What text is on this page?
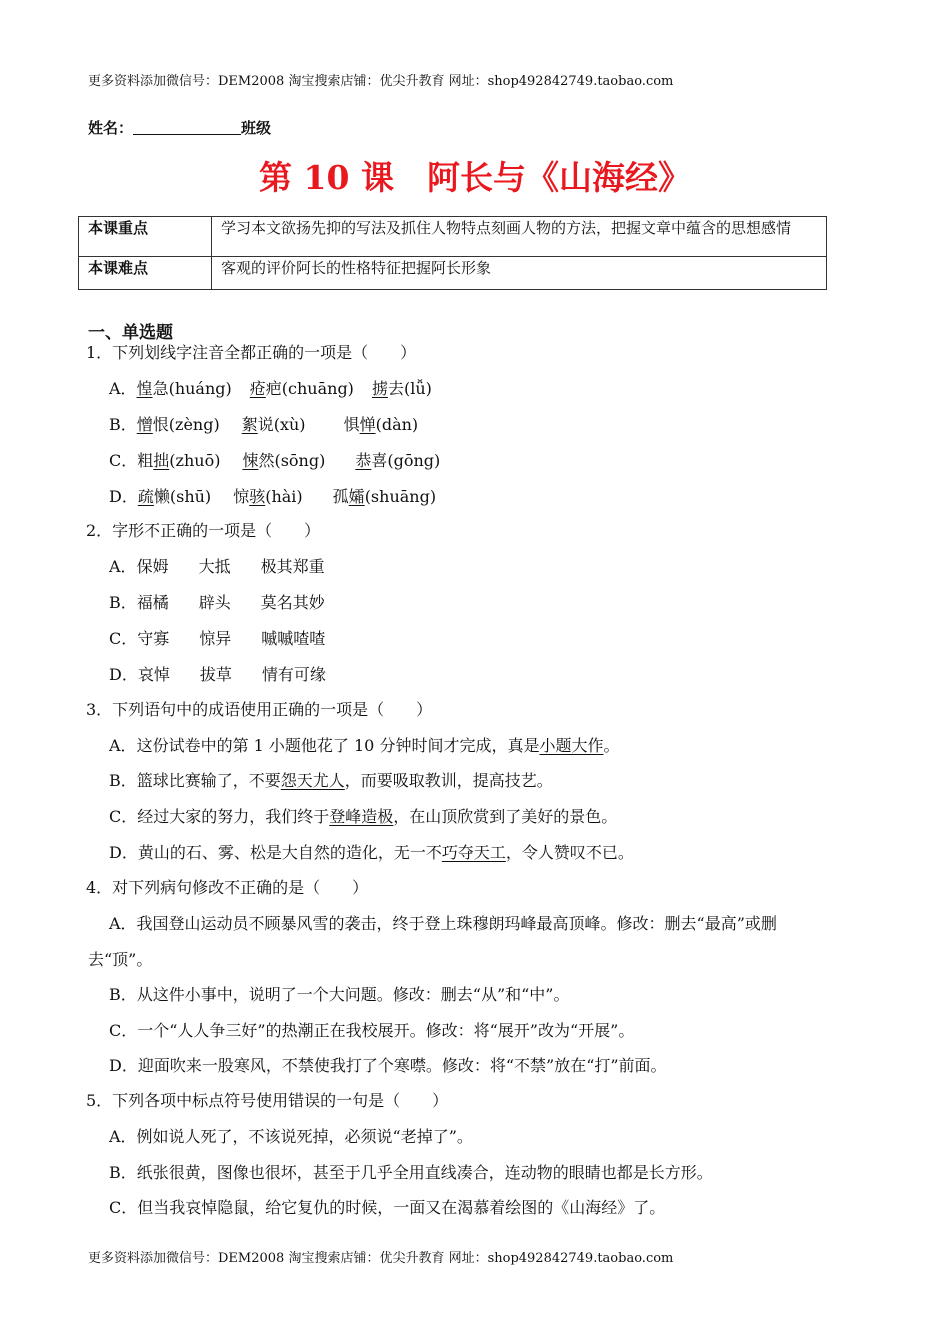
更多资料添加微信号：DEM2008 淘宝搜索店铺：优尖升教育 网址：shop492842749.taobao.com
姓名：	班级
第 10 课　阿长与《山海经》
本课重点	学习本文欲扬先抑的写法及抓住人物特点刻画人物的方法，把握文章中蕴含的思想感情
本课难点	客观的评价阿长的性格特征把握阿长形象
一、单选题
1．下列划线字注音全都正确的一项是（　　）
A．惶急(huáng) 疮疤(chuāng) 掳去(lǚ)
B．憎恨(zèng) 絮说(xù) 惧惮(dàn)
C．粗拙(zhuō) 悚然(sōng) 恭喜(gōng)
D．疏懒(shū) 惊骇(hài) 孤孀(shuāng)
2．字形不正确的一项是（　　）
A．保姆 大抵 极其郑重
B．福橘 辟头 莫名其妙
C．守寡 惊异 嘁嘁喳喳
D．哀悼 拔草 情有可缘
3．下列语句中的成语使用正确的一项是（　　）
A．这份试卷中的第 1 小题他花了 10 分钟时间才完成，真是小题大作。
B．篮球比赛输了，不要怨天尤人，而要吸取教训，提高技艺。
C．经过大家的努力，我们终于登峰造极，在山顶欣赏到了美好的景色。
D．黄山的石、雾、松是大自然的造化，无一不巧夺天工，令人赞叹不已。
4．对下列病句修改不正确的是（　　）
A．我国登山运动员不顾暴风雪的袭击，终于登上珠穆朗玛峰最高顶峰。修改：删去“最高”或删
去“顶”。
B．从这件小事中，说明了一个大问题。修改：删去“从”和“中”。
C．一个“人人争三好”的热潮正在我校展开。修改：将“展开”改为“开展”。
D．迎面吹来一股寒风，不禁使我打了个寒噤。修改：将“不禁”放在“打”前面。
5．下列各项中标点符号使用错误的一句是（　　）
A．例如说人死了，不该说死掉，必须说“老掉了”。
B．纸张很黄，图像也很坏，甚至于几乎全用直线凑合，连动物的眼睛也都是长方形。
C．但当我哀悼隐鼠，给它复仇的时候，一面又在渴慕着绘图的《山海经》了。
更多资料添加微信号：DEM2008 淘宝搜索店铺：优尖升教育 网址：shop492842749.taobao.com
